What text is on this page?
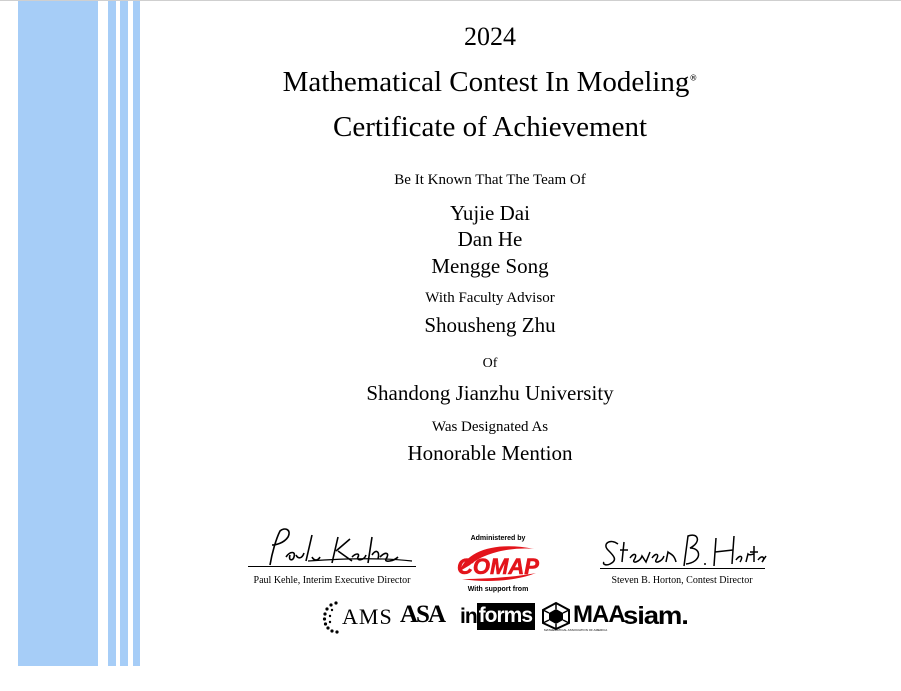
2024
Mathematical Contest In Modeling®
Certificate of Achievement
Be It Known That The Team Of
Yujie Dai
Dan He
Mengge Song
With Faculty Advisor
Shousheng Zhu
Of
Shandong Jianzhu University
Was Designated As
Honorable Mention
Paul Kehle, Interim Executive Director
Administered by
COMAP
With support from
Steven B. Horton, Contest Director
AMS ASA informs MAA
MATHEMATICAL ASSOCIATION OF AMERICA siam.
